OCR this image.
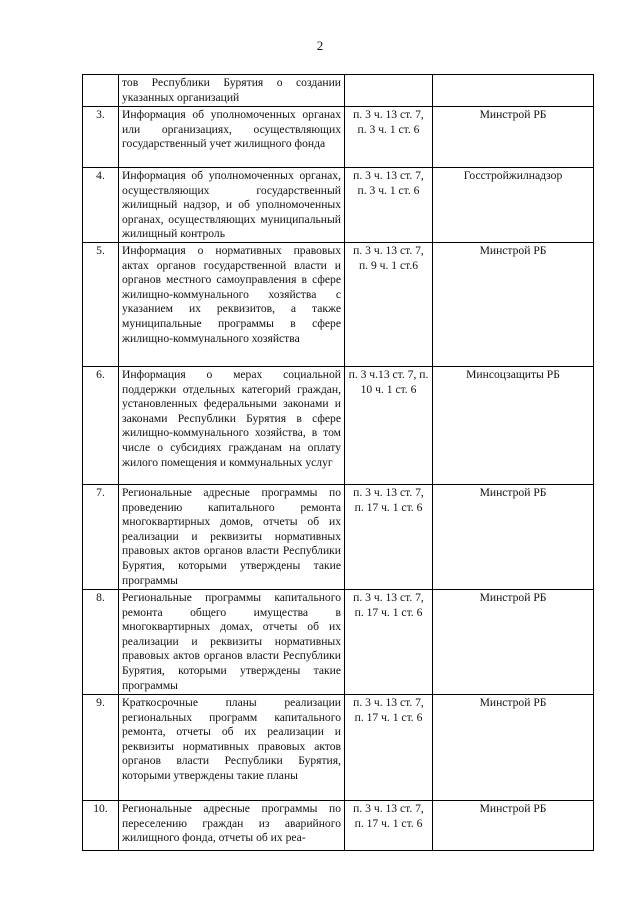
2
	тов Республики Бурятия о создании указанных организаций		
3.	Информация об уполномоченных органах или организациях, осуществляющих государственный учет жилищного фонда	п. 3 ч. 13 ст. 7, п. 3 ч. 1 ст. 6	Минстрой РБ
4.	Информация об уполномоченных органах, осуществляющих государственный жилищный надзор, и об уполномоченных органах, осуществляющих муниципальный жилищный контроль	п. 3 ч. 13 ст. 7, п. 3 ч. 1 ст. 6	Госстройжилнадзор
5.	Информация о нормативных правовых актах органов государственной власти и органов местного самоуправления в сфере жилищно-коммунального хозяйства с указанием их реквизитов, а также муниципальные программы в сфере жилищно-коммунального хозяйства	п. 3 ч. 13 ст. 7, п. 9 ч. 1 ст.6	Минстрой РБ
6.	Информация о мерах социальной поддержки отдельных категорий граждан, установленных федеральными законами и законами Республики Бурятия в сфере жилищно-коммунального хозяйства, в том числе о субсидиях гражданам на оплату жилого помещения и коммунальных услуг	п. 3 ч.13 ст. 7, п. 10 ч. 1 ст. 6	Минсоцзащиты РБ
7.	Региональные адресные программы по проведению капитального ремонта многоквартирных домов, отчеты об их реализации и реквизиты нормативных правовых актов органов власти Республики Бурятия, которыми утверждены такие программы	п. 3 ч. 13 ст. 7, п. 17 ч. 1 ст. 6	Минстрой РБ
8.	Региональные программы капитального ремонта общего имущества в многоквартирных домах, отчеты об их реализации и реквизиты нормативных правовых актов органов власти Республики Бурятия, которыми утверждены такие программы	п. 3 ч. 13 ст. 7, п. 17 ч. 1 ст. 6	Минстрой РБ
9.	Краткосрочные планы реализации региональных программ капитального ремонта, отчеты об их реализации и реквизиты нормативных правовых актов органов власти Республики Бурятия, которыми утверждены такие планы	п. 3 ч. 13 ст. 7, п. 17 ч. 1 ст. 6	Минстрой РБ
10.	Региональные адресные программы по переселению граждан из аварийного жилищного фонда, отчеты об их реа-	п. 3 ч. 13 ст. 7, п. 17 ч. 1 ст. 6	Минстрой РБ
